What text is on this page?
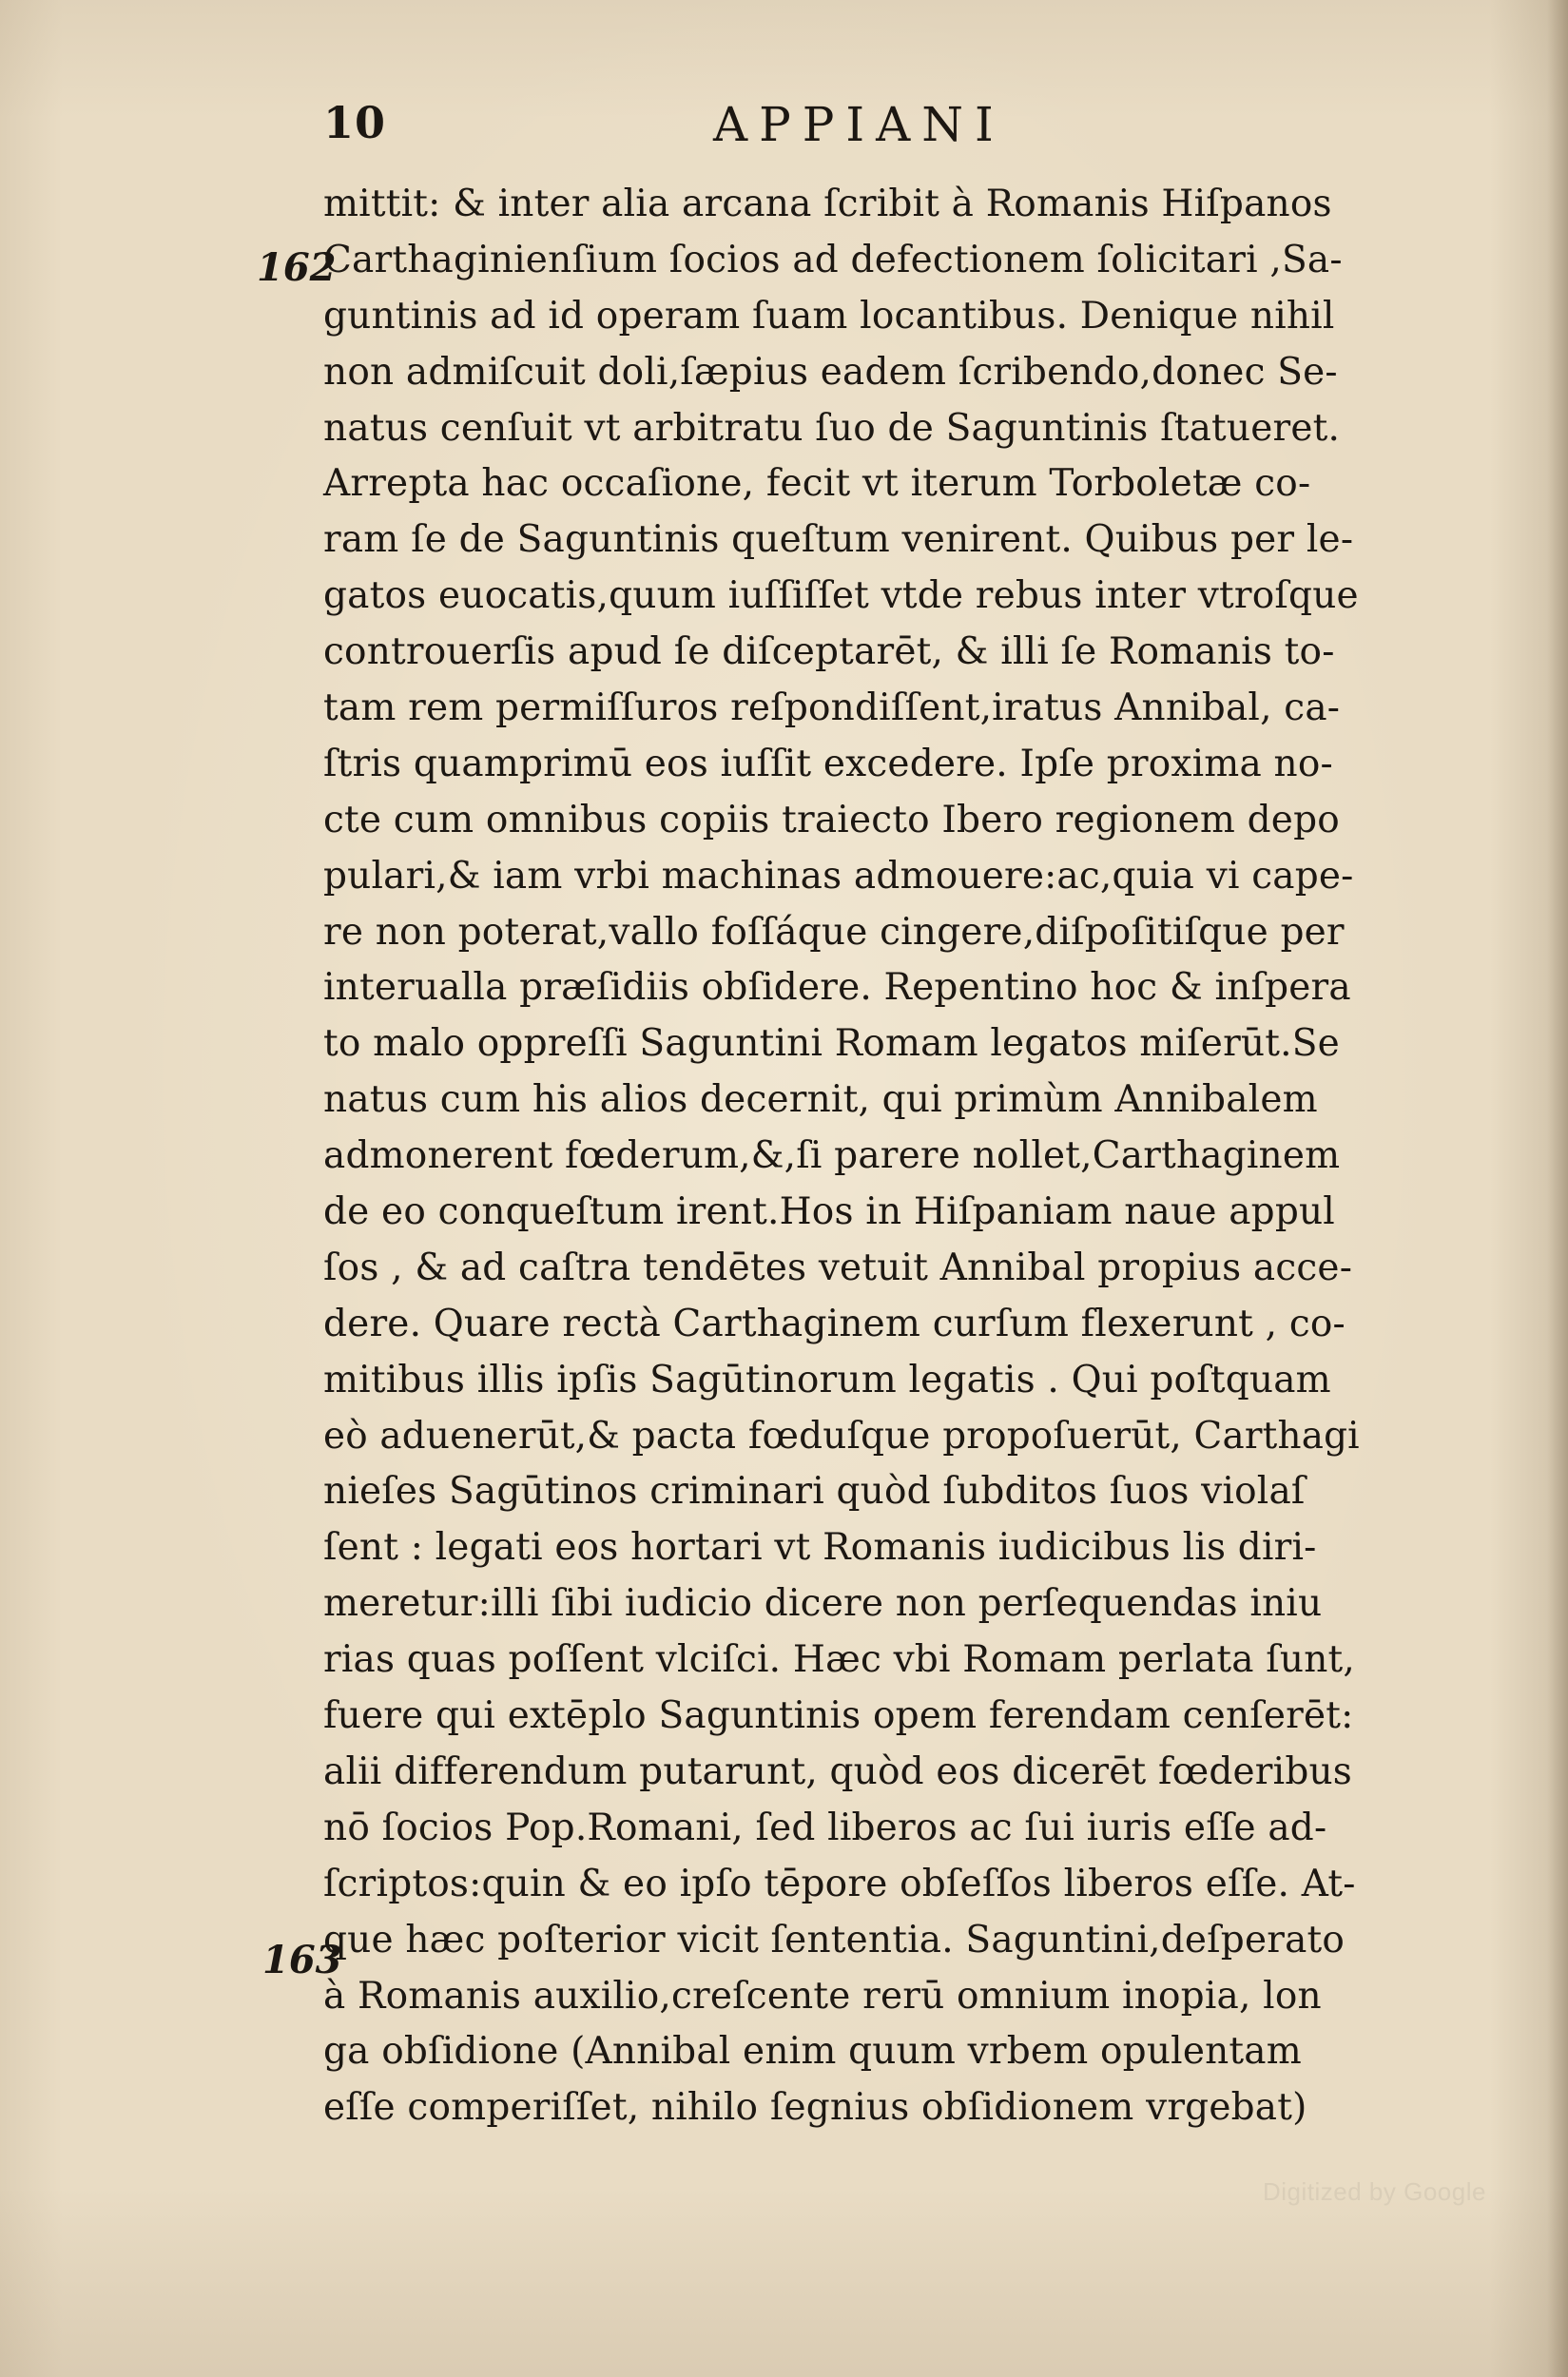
10	APPIANI
162
mittit: & inter alia arcana ſcribit à Romanis Hiſpanos
Carthaginienſium ſocios ad defectionem ſolicitari ,Sa-
guntinis ad id operam ſuam locantibus. Denique nihil
non admiſcuit doli,ſæpius eadem ſcribendo,donec Se-
natus cenſuit vt arbitratu ſuo de Saguntinis ſtatueret.
Arrepta hac occaſione, fecit vt iterum Torboletæ co-
ram ſe de Saguntinis queſtum venirent. Quibus per le-
gatos euocatis,quum iuſſiſſet vtde rebus inter vtroſque
controuerſis apud ſe diſceptarēt, & illi ſe Romanis to-
tam rem permiſſuros reſpondiſſent,iratus Annibal, ca-
ſtris quamprimū eos iuſſit excedere. Ipſe proxima no-
cte cum omnibus copiis traiecto Ibero regionem depo
pulari,& iam vrbi machinas admouere:ac,quia vi cape-
re non poterat,vallo foſſáque cingere,diſpoſitiſque per
interualla præſidiis obſidere. Repentino hoc & inſpera
to malo oppreſſi Saguntini Romam legatos miſerūt.Se
natus cum his alios decernit, qui primùm Annibalem
admonerent fœderum,&,ſi parere nollet,Carthaginem
de eo conqueſtum irent.Hos in Hiſpaniam naue appul
ſos , & ad caſtra tendētes vetuit Annibal propius acce-
dere. Quare rectà Carthaginem curſum flexerunt , co-
mitibus illis ipſis Sagūtinorum legatis . Qui poſtquam
eò aduenerūt,& pacta fœduſque propoſuerūt, Carthagi
nieſes Sagūtinos criminari quòd ſubditos ſuos violaſ
ſent : legati eos hortari vt Romanis iudicibus lis diri-
meretur:illi ſibi iudicio dicere non perſequendas iniu
rias quas poſſent vlciſci. Hæc vbi Romam perlata ſunt,
fuere qui extēplo Saguntinis opem ferendam cenſerēt:
alii differendum putarunt, quòd eos dicerēt fœderibus
nō ſocios Pop.Romani, ſed liberos ac ſui iuris eſſe ad-
ſcriptos:quin & eo ipſo tēpore obſeſſos liberos eſſe. At-
que hæc poſterior vicit ſententia. Saguntini,deſperato
à Romanis auxilio,creſcente rerū omnium inopia, lon
ga obſidione (Annibal enim quum vrbem opulentam
eſſe comperiſſet, nihilo ſegnius obſidionem vrgebat)
163
Digitized by Google
